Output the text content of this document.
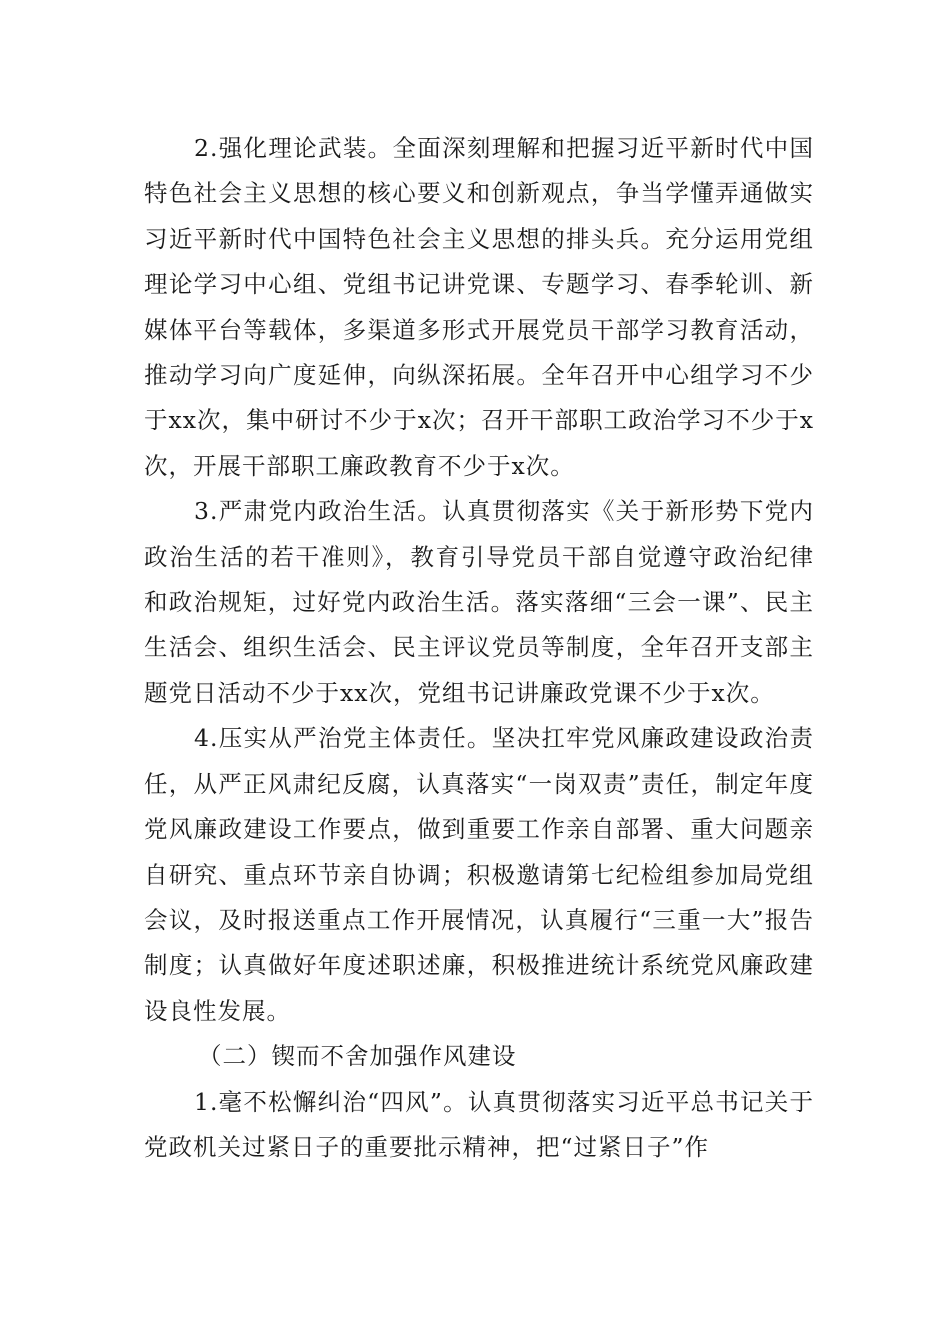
2.强化理论武装。全面深刻理解和把握习近平新时代中国特色社会主义思想的核心要义和创新观点，争当学懂弄通做实习近平新时代中国特色社会主义思想的排头兵。充分运用党组理论学习中心组、党组书记讲党课、专题学习、春季轮训、新媒体平台等载体，多渠道多形式开展党员干部学习教育活动，推动学习向广度延伸，向纵深拓展。全年召开中心组学习不少于xx次，集中研讨不少于x次；召开干部职工政治学习不少于x次，开展干部职工廉政教育不少于x次。

3.严肃党内政治生活。认真贯彻落实《关于新形势下党内政治生活的若干准则》，教育引导党员干部自觉遵守政治纪律和政治规矩，过好党内政治生活。落实落细“三会一课”、民主生活会、组织生活会、民主评议党员等制度，全年召开支部主题党日活动不少于xx次，党组书记讲廉政党课不少于x次。

4.压实从严治党主体责任。坚决扛牢党风廉政建设政治责任，从严正风肃纪反腐，认真落实“一岗双责”责任，制定年度党风廉政建设工作要点，做到重要工作亲自部署、重大问题亲自研究、重点环节亲自协调；积极邀请第七纪检组参加局党组会议，及时报送重点工作开展情况，认真履行“三重一大”报告制度；认真做好年度述职述廉，积极推进统计系统党风廉政建设良性发展。

（二）锲而不舍加强作风建设

1.毫不松懈纠治“四风”。认真贯彻落实习近平总书记关于党政机关过紧日子的重要批示精神，把“过紧日子”作
